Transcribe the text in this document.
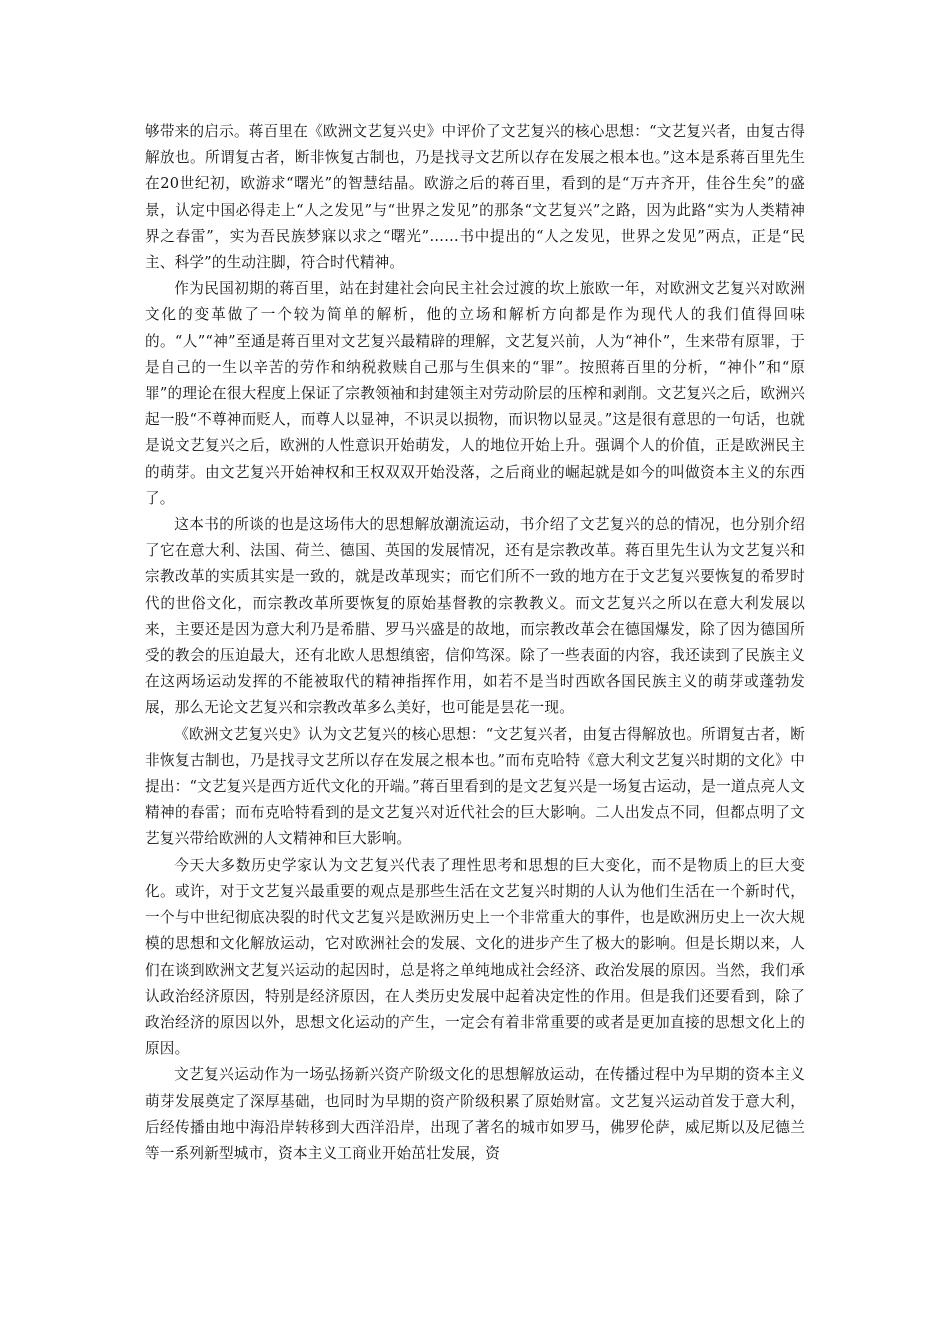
够带来的启示。蒋百里在《欧洲文艺复兴史》中评价了文艺复兴的核心思想：“文艺复兴者，由复古得解放也。所谓复古者，断非恢复古制也，乃是找寻文艺所以存在发展之根本也。”这本是系蒋百里先生在20世纪初，欧游求“曙光”的智慧结晶。欧游之后的蒋百里，看到的是“万卉齐开，佳谷生矣”的盛景，认定中国必得走上“人之发见”与“世界之发见”的那条“文艺复兴”之路，因为此路“实为人类精神界之春雷”，实为吾民族梦寐以求之“曙光”……书中提出的“人之发见，世界之发见”两点，正是“民主、科学”的生动注脚，符合时代精神。

作为民国初期的蒋百里，站在封建社会向民主社会过渡的坎上旅欧一年，对欧洲文艺复兴对欧洲文化的变革做了一个较为简单的解析，他的立场和解析方向都是作为现代人的我们值得回味的。“人”“神”至通是蒋百里对文艺复兴最精辟的理解，文艺复兴前，人为“神仆”，生来带有原罪，于是自己的一生以辛苦的劳作和纳税救赎自己那与生俱来的“罪”。按照蒋百里的分析，“神仆”和“原罪”的理论在很大程度上保证了宗教领袖和封建领主对劳动阶层的压榨和剥削。文艺复兴之后，欧洲兴起一股“不尊神而贬人，而尊人以显神，不识灵以损物，而识物以显灵。”这是很有意思的一句话，也就是说文艺复兴之后，欧洲的人性意识开始萌发，人的地位开始上升。强调个人的价值，正是欧洲民主的萌芽。由文艺复兴开始神权和王权双双开始没落，之后商业的崛起就是如今的叫做资本主义的东西了。

这本书的所谈的也是这场伟大的思想解放潮流运动，书介绍了文艺复兴的总的情况，也分别介绍了它在意大利、法国、荷兰、德国、英国的发展情况，还有是宗教改革。蒋百里先生认为文艺复兴和宗教改革的实质其实是一致的，就是改革现实；而它们所不一致的地方在于文艺复兴要恢复的希罗时代的世俗文化，而宗教改革所要恢复的原始基督教的宗教教义。而文艺复兴之所以在意大利发展以来，主要还是因为意大利乃是希腊、罗马兴盛是的故地，而宗教改革会在德国爆发，除了因为德国所受的教会的压迫最大，还有北欧人思想缜密，信仰笃深。除了一些表面的内容，我还读到了民族主义在这两场运动发挥的不能被取代的精神指挥作用，如若不是当时西欧各国民族主义的萌芽或蓬勃发展，那么无论文艺复兴和宗教改革多么美好，也可能是昙花一现。

《欧洲文艺复兴史》认为文艺复兴的核心思想：“文艺复兴者，由复古得解放也。所谓复古者，断非恢复古制也，乃是找寻文艺所以存在发展之根本也。”而布克哈特《意大利文艺复兴时期的文化》中提出：“文艺复兴是西方近代文化的开端。”蒋百里看到的是文艺复兴是一场复古运动，是一道点亮人文精神的春雷；而布克哈特看到的是文艺复兴对近代社会的巨大影响。二人出发点不同，但都点明了文艺复兴带给欧洲的人文精神和巨大影响。

今天大多数历史学家认为文艺复兴代表了理性思考和思想的巨大变化，而不是物质上的巨大变化。或许，对于文艺复兴最重要的观点是那些生活在文艺复兴时期的人认为他们生活在一个新时代，一个与中世纪彻底决裂的时代文艺复兴是欧洲历史上一个非常重大的事件，也是欧洲历史上一次大规模的思想和文化解放运动，它对欧洲社会的发展、文化的进步产生了极大的影响。但是长期以来，人们在谈到欧洲文艺复兴运动的起因时，总是将之单纯地成社会经济、政治发展的原因。当然，我们承认政治经济原因，特别是经济原因，在人类历史发展中起着决定性的作用。但是我们还要看到，除了政治经济的原因以外，思想文化运动的产生，一定会有着非常重要的或者是更加直接的思想文化上的原因。

文艺复兴运动作为一场弘扬新兴资产阶级文化的思想解放运动，在传播过程中为早期的资本主义萌芽发展奠定了深厚基础，也同时为早期的资产阶级积累了原始财富。文艺复兴运动首发于意大利，后经传播由地中海沿岸转移到大西洋沿岸，出现了著名的城市如罗马，佛罗伦萨，威尼斯以及尼德兰等一系列新型城市，资本主义工商业开始茁壮发展，资
